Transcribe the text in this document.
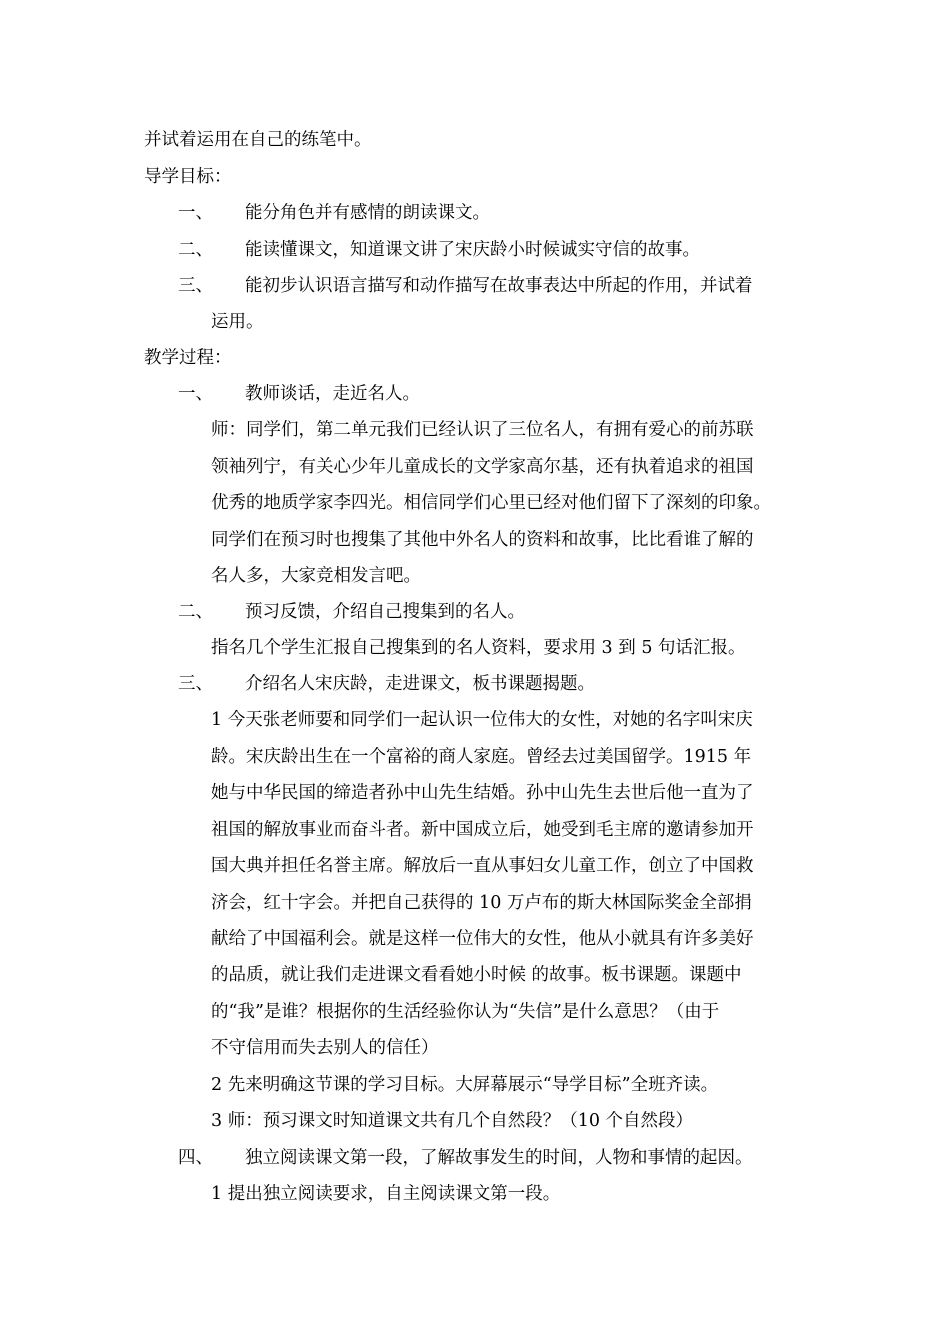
并试着运用在自己的练笔中。
导学目标：
一、 能分角色并有感情的朗读课文。
二、 能读懂课文，知道课文讲了宋庆龄小时候诚实守信的故事。
三、 能初步认识语言描写和动作描写在故事表达中所起的作用，并试着
运用。
教学过程：
一、 教师谈话，走近名人。
师：同学们，第二单元我们已经认识了三位名人，有拥有爱心的前苏联
领袖列宁，有关心少年儿童成长的文学家高尔基，还有执着追求的祖国
优秀的地质学家李四光。相信同学们心里已经对他们留下了深刻的印象。
同学们在预习时也搜集了其他中外名人的资料和故事，比比看谁了解的
名人多，大家竞相发言吧。
二、 预习反馈，介绍自己搜集到的名人。
指名几个学生汇报自己搜集到的名人资料，要求用 3 到 5 句话汇报。
三、 介绍名人宋庆龄，走进课文，板书课题揭题。
1 今天张老师要和同学们一起认识一位伟大的女性，对她的名字叫宋庆
龄。宋庆龄出生在一个富裕的商人家庭。曾经去过美国留学。1915 年
她与中华民国的缔造者孙中山先生结婚。孙中山先生去世后他一直为了
祖国的解放事业而奋斗者。新中国成立后，她受到毛主席的邀请参加开
国大典并担任名誉主席。解放后一直从事妇女儿童工作，创立了中国救
济会，红十字会。并把自己获得的 10 万卢布的斯大林国际奖金全部捐
献给了中国福利会。就是这样一位伟大的女性，他从小就具有许多美好
的品质，就让我们走进课文看看她小时候 的故事。板书课题。课题中
的“我”是谁？根据你的生活经验你认为“失信”是什么意思？（由于
不守信用而失去别人的信任）
2 先来明确这节课的学习目标。大屏幕展示“导学目标”全班齐读。
3 师：预习课文时知道课文共有几个自然段？（10 个自然段）
四、 独立阅读课文第一段，了解故事发生的时间，人物和事情的起因。
1 提出独立阅读要求，自主阅读课文第一段。
